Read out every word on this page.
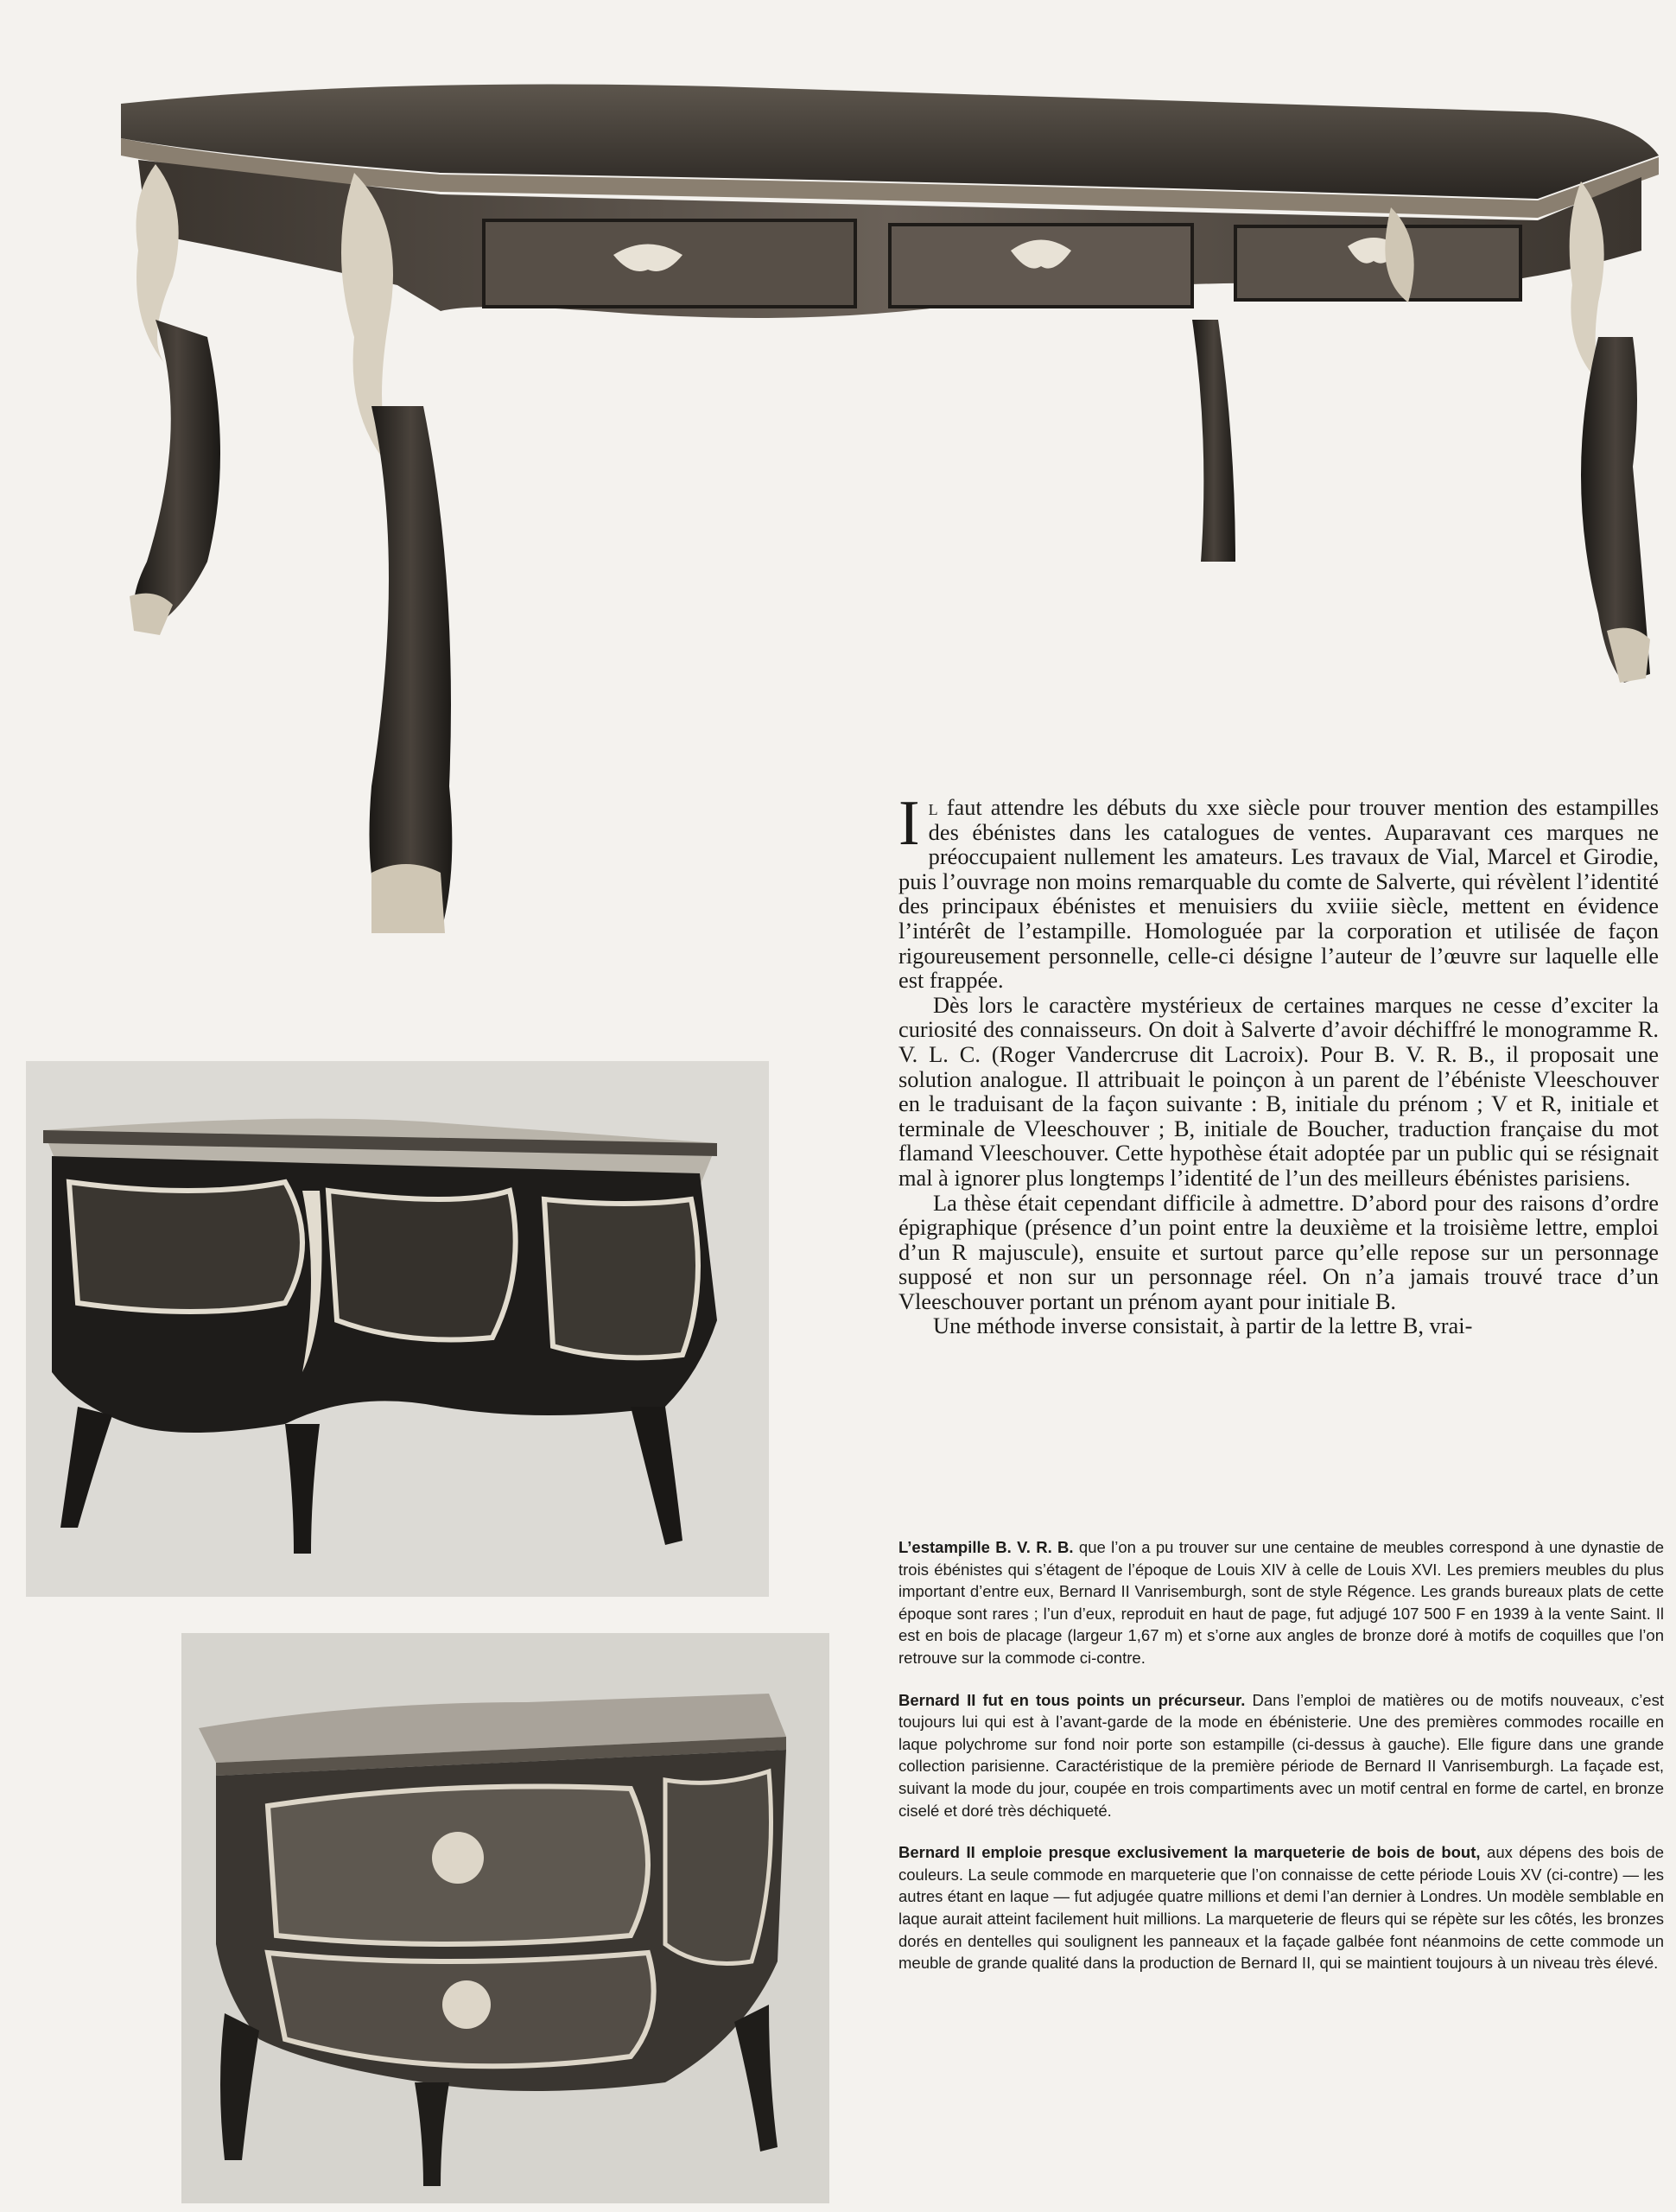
Il faut attendre les débuts du xxe siècle pour trouver mention des estampilles des ébénistes dans les catalogues de ventes. Auparavant ces marques ne préoccupaient nullement les amateurs. Les travaux de Vial, Marcel et Girodie, puis l’ouvrage non moins remarquable du comte de Salverte, qui révèlent l’identité des principaux ébénistes et menuisiers du xviiie siècle, mettent en évidence l’intérêt de l’estampille. Homologuée par la corporation et utilisée de façon rigoureusement personnelle, celle-ci désigne l’auteur de l’œuvre sur laquelle elle est frappée.

Dès lors le caractère mystérieux de certaines marques ne cesse d’exciter la curiosité des connaisseurs. On doit à Salverte d’avoir déchiffré le monogramme R. V. L. C. (Roger Vandercruse dit Lacroix). Pour B. V. R. B., il proposait une solution analogue. Il attribuait le poinçon à un parent de l’ébéniste Vleeschouver en le traduisant de la façon suivante : B, initiale du prénom ; V et R, initiale et terminale de Vleeschouver ; B, initiale de Boucher, traduction française du mot flamand Vleeschouver. Cette hypothèse était adoptée par un public qui se résignait mal à ignorer plus longtemps l’identité de l’un des meilleurs ébénistes parisiens.

La thèse était cependant difficile à admettre. D’abord pour des raisons d’ordre épigraphique (présence d’un point entre la deuxième et la troisième lettre, emploi d’un R majuscule), ensuite et surtout parce qu’elle repose sur un personnage supposé et non sur un personnage réel. On n’a jamais trouvé trace d’un Vleeschouver portant un prénom ayant pour initiale B.

Une méthode inverse consistait, à partir de la lettre B, vrai-

L’estampille B. V. R. B. que l’on a pu trouver sur une centaine de meubles correspond à une dynastie de trois ébénistes qui s’étagent de l’époque de Louis XIV à celle de Louis XVI. Les premiers meubles du plus important d’entre eux, Bernard II Vanrisemburgh, sont de style Régence. Les grands bureaux plats de cette époque sont rares ; l’un d’eux, reproduit en haut de page, fut adjugé 107 500 F en 1939 à la vente Saint. Il est en bois de placage (largeur 1,67 m) et s’orne aux angles de bronze doré à motifs de coquilles que l’on retrouve sur la commode ci-contre.

Bernard II fut en tous points un précurseur. Dans l’emploi de matières ou de motifs nouveaux, c’est toujours lui qui est à l’avant-garde de la mode en ébénisterie. Une des premières commodes rocaille en laque polychrome sur fond noir porte son estampille (ci-dessus à gauche). Elle figure dans une grande collection parisienne. Caractéristique de la première période de Bernard II Vanrisemburgh. La façade est, suivant la mode du jour, coupée en trois compartiments avec un motif central en forme de cartel, en bronze ciselé et doré très déchiqueté.

Bernard II emploie presque exclusivement la marqueterie de bois de bout, aux dépens des bois de couleurs. La seule commode en marqueterie que l’on connaisse de cette période Louis XV (ci-contre) — les autres étant en laque — fut adjugée quatre millions et demi l’an dernier à Londres. Un modèle semblable en laque aurait atteint facilement huit millions. La marqueterie de fleurs qui se répète sur les côtés, les bronzes dorés en dentelles qui soulignent les panneaux et la façade galbée font néanmoins de cette commode un meuble de grande qualité dans la production de Bernard II, qui se maintient toujours à un niveau très élevé.
